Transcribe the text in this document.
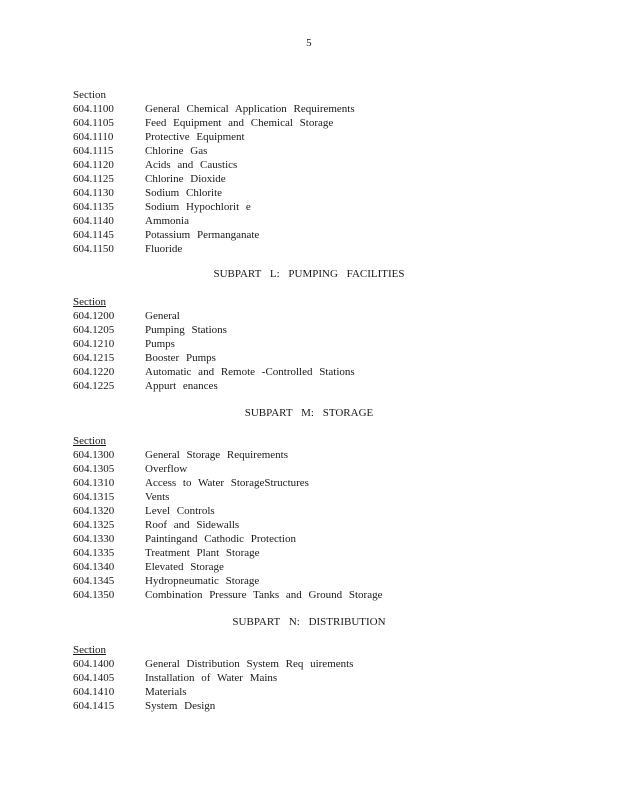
5
Section
604.1100	General Chemical Application Requirements
604.1105	Feed Equipment and Chemical Storage
604.1110	Protective Equipment
604.1115	Chlorine Gas
604.1120	Acids and Caustics
604.1125	Chlorine Dioxide
604.1130	Sodium Chlorite
604.1135	Sodium Hypochlorit e
604.1140	Ammonia
604.1145	Potassium Permanganate
604.1150	Fluoride
SUBPART L: PUMPING FACILITIES
Section
604.1200	General
604.1205	Pumping Stations
604.1210	Pumps
604.1215	Booster Pumps
604.1220	Automatic and Remote -Controlled Stations
604.1225	Appurt enances
SUBPART M: STORAGE
Section
604.1300	General Storage Requirements
604.1305	Overflow
604.1310	Access to Water StorageStructures
604.1315	Vents
604.1320	Level Controls
604.1325	Roof and Sidewalls
604.1330	Paintingand Cathodic Protection
604.1335	Treatment Plant Storage
604.1340	Elevated Storage
604.1345	Hydropneumatic Storage
604.1350	Combination Pressure Tanks and Ground Storage
SUBPART N: DISTRIBUTION
Section
604.1400	General Distribution System Req uirements
604.1405	Installation of Water Mains
604.1410	Materials
604.1415	System Design
